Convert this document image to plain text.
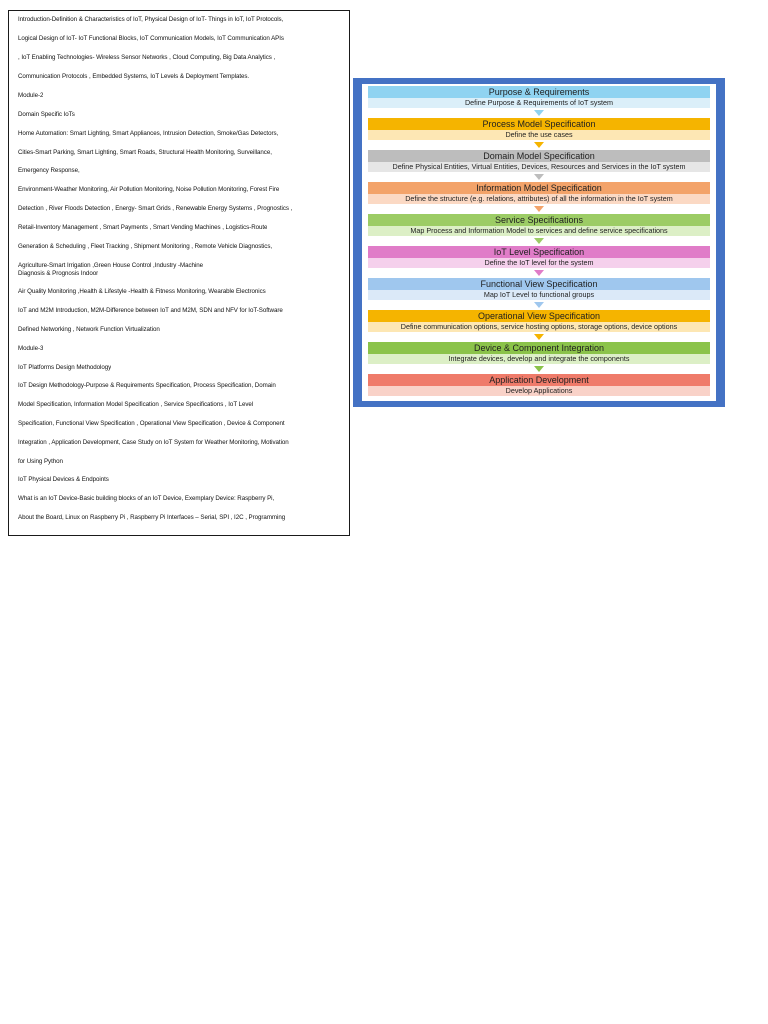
Introduction-Definition & Characteristics of IoT, Physical Design of IoT- Things in IoT, IoT Protocols,
Logical Design of IoT- IoT Functional Blocks, IoT Communication Models, IoT Communication APIs
, IoT Enabling Technologies- Wireless Sensor Networks , Cloud Computing, Big Data Analytics ,
Communication Protocols , Embedded Systems, IoT Levels & Deployment Templates.
Module-2
Domain Specific IoTs
Home Automation: Smart Lighting, Smart Appliances, Intrusion Detection, Smoke/Gas Detectors,
Cities-Smart Parking, Smart Lighting, Smart Roads, Structural Health Monitoring, Surveillance,
Emergency Response,
Environment-Weather Monitoring, Air Pollution Monitoring, Noise Pollution Monitoring, Forest Fire
Detection , River Floods Detection , Energy- Smart Grids , Renewable Energy Systems , Prognostics ,
Retail-Inventory Management , Smart Payments , Smart Vending Machines , Logistics-Route
Generation & Scheduling , Fleet Tracking , Shipment Monitoring , Remote Vehicle Diagnostics,
Agriculture-Smart Irrigation ,Green House Control ,Industry -Machine
Diagnosis & Prognosis Indoor
Air Quality Monitoring ,Health & Lifestyle -Health & Fitness Monitoring, Wearable Electronics
IoT and M2M Introduction, M2M-Difference between IoT and M2M, SDN and NFV for IoT-Software
Defined Networking , Network Function Virtualization
Module-3
IoT Platforms Design Methodology
IoT Design Methodology-Purpose & Requirements Specification, Process Specification, Domain
Model Specification, Information Model Specification , Service Specifications , IoT Level
Specification, Functional View Specification , Operational View Specification , Device & Component
Integration , Application Development, Case Study on IoT System for Weather Monitoring, Motivation
for Using Python
IoT Physical Devices & Endpoints
What is an IoT Device-Basic building blocks of an IoT Device, Exemplary Device: Raspberry Pi,
About the Board, Linux on Raspberry Pi , Raspberry Pi Interfaces – Serial, SPI , I2C , Programming
Purpose & Requirements
Define Purpose & Requirements of IoT system
Process Model Specification
Define the use cases
Domain Model Specification
Define Physical Entities, Virtual Entities, Devices, Resources and Services in the IoT system
Information Model Specification
Define the structure (e.g. relations, attributes) of all the information in the IoT system
Service Specifications
Map Process and Information Model to services and define service specifications
IoT Level Specification
Define the IoT level for the system
Functional View Specification
Map IoT Level to functional groups
Operational View Specification
Define communication options, service hosting options, storage options, device options
Device & Component Integration
Integrate devices, develop and integrate the components
Application Development
Develop Applications
